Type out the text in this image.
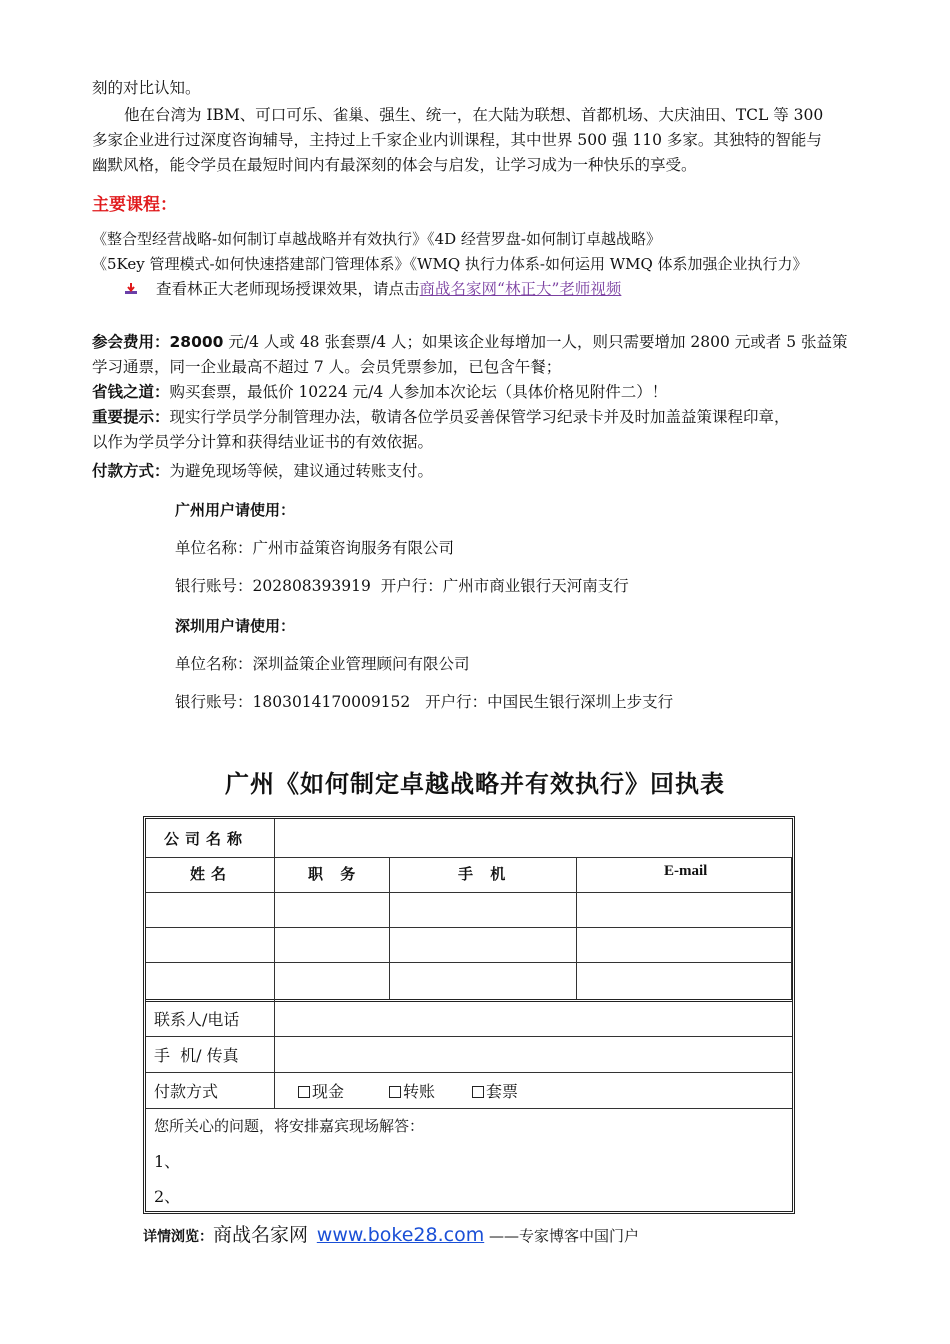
刻的对比认知。
他在台湾为 IBM、可口可乐、雀巢、强生、统一，在大陆为联想、首都机场、大庆油田、TCL 等 300
多家企业进行过深度咨询辅导，主持过上千家企业内训课程，其中世界 500 强 110 多家。其独特的智能与
幽默风格，能令学员在最短时间内有最深刻的体会与启发，让学习成为一种快乐的享受。
主要课程：
《整合型经营战略-如何制订卓越战略并有效执行》《4D 经营罗盘-如何制订卓越战略》
《5Key 管理模式-如何快速搭建部门管理体系》《WMQ 执行力体系-如何运用 WMQ 体系加强企业执行力》
查看林正大老师现场授课效果，请点击商战名家网“林正大”老师视频
参会费用：28000 元/4 人或 48 张套票/4 人；如果该企业每增加一人，则只需要增加 2800 元或者 5 张益策
学习通票，同一企业最高不超过 7 人。会员凭票参加，已包含午餐；
省钱之道：购买套票，最低价 10224 元/4 人参加本次论坛（具体价格见附件二）！
重要提示：现实行学员学分制管理办法，敬请各位学员妥善保管学习纪录卡并及时加盖益策课程印章，
以作为学员学分计算和获得结业证书的有效依据。
付款方式：为避免现场等候，建议通过转账支付。
广州用户请使用：
单位名称：广州市益策咨询服务有限公司
银行账号：202808393919  开户行：广州市商业银行天河南支行
深圳用户请使用：
单位名称：深圳益策企业管理顾问有限公司
银行账号：1803014170009152   开户行：中国民生银行深圳上步支行
广州《如何制定卓越战略并有效执行》回执表
公司名称
姓名	职 务	手 机	E-mail
联系人/电话
手  机/ 传真
付款方式	现金	转账	套票
您所关心的问题，将安排嘉宾现场解答：
1、
2、
详情浏览：商战名家网 www.boke28.com ——专家博客中国门户
